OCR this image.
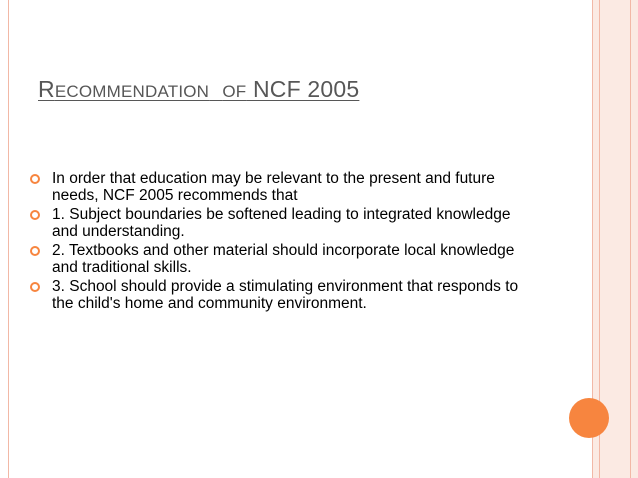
RECOMMENDATION OF NCF 2005
In order that education may be relevant to the present and future needs, NCF 2005 recommends that
1. Subject boundaries be softened leading to integrated knowledge and understanding.
2. Textbooks and other material should incorporate local knowledge and traditional skills.
3. School should provide a stimulating environment that responds to the child's home and community environment.
